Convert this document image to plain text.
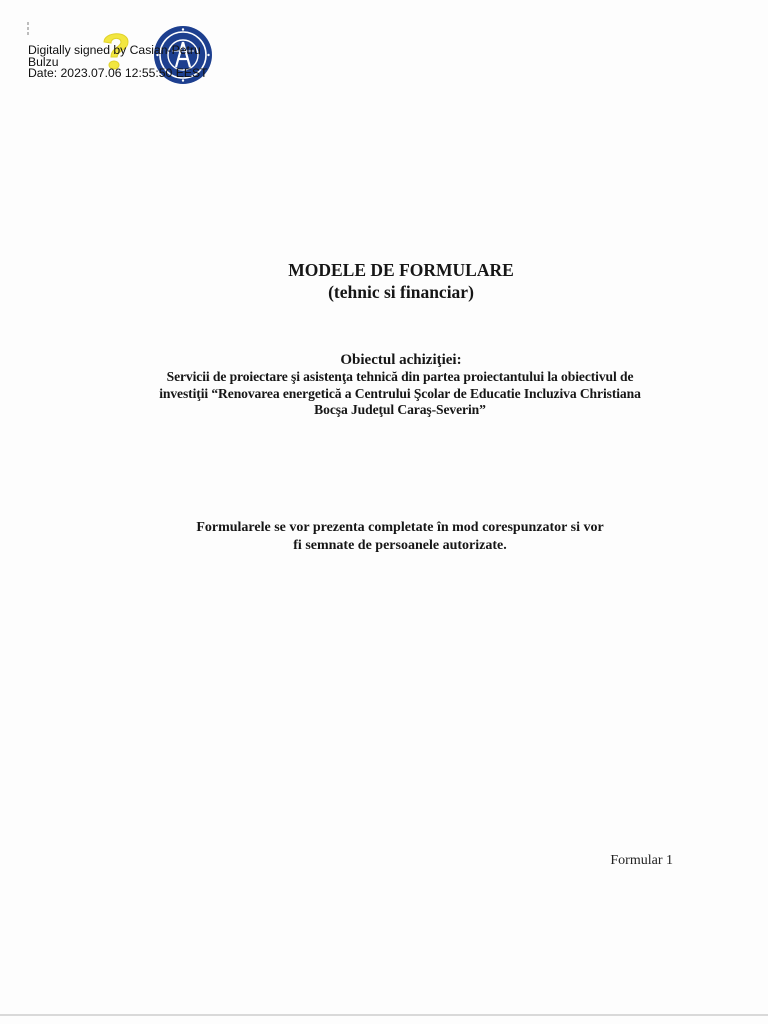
Digitally signed by Casian-Petru
Bulzu
Date: 2023.07.06 12:55:50 EEST
MODELE DE FORMULARE
(tehnic si financiar)
Obiectul achiziţiei:
Servicii de proiectare şi asistenţa tehnică din partea proiectantului la obiectivul de
investiţii “Renovarea energetică a Centrului Şcolar de Educatie Incluziva Christiana
Bocşa Judeţul Caraş-Severin”
Formularele se vor prezenta completate în mod corespunzator si vor
fi semnate de persoanele autorizate.
Formular 1
